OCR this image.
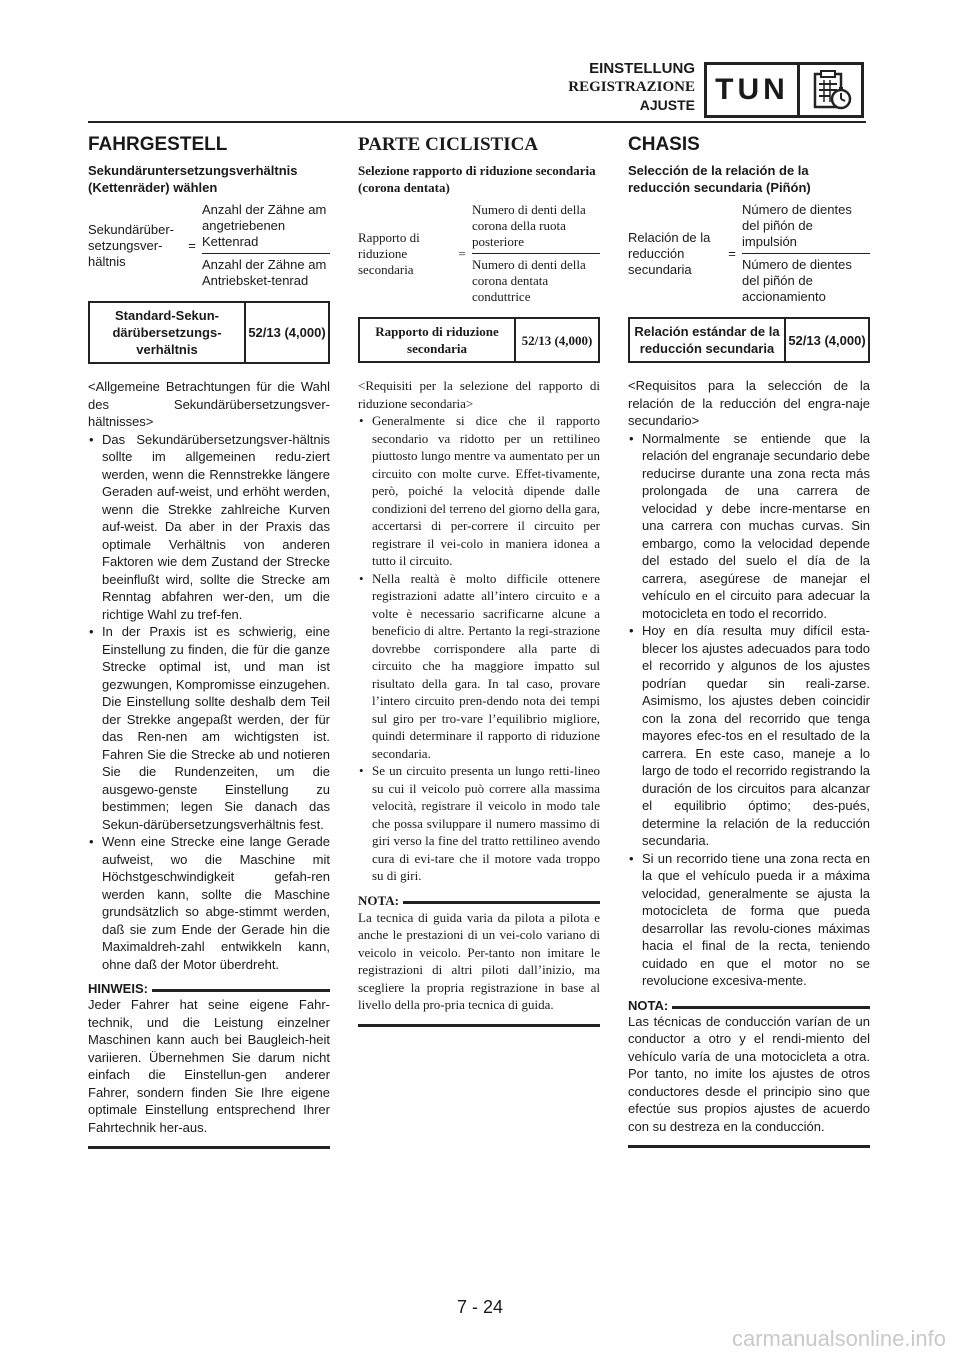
EINSTELLUNG
REGISTRAZIONE
AJUSTE TUN
FAHRGESTELL
Sekundäruntersetzungsverhältnis (Kettenräder) wählen
Sekundärüber-setzungsver-hältnis
= $\frac{\text{Anzahl der Zähne am angetriebenen Kettenrad}}{\text{Anzahl der Zähne am Antriebsket-tenrad}}$
Standard-Sekun-därübersetzungs-verhältnis
52/13 (4,000)
<Allgemeine Betrachtungen für die Wahl des Sekundärübersetzungsver-hältnisses>
• Das Sekundärübersetzungsver-hältnis sollte im allgemeinen redu-ziert werden, wenn die Rennstrekke längere Geraden auf-weist, und erhöht werden, wenn die Strekke zahlreiche Kurven auf-weist. Da aber in der Praxis das optimale Verhältnis von anderen Faktoren wie dem Zustand der Strecke beeinflußt wird, sollte die Strecke am Renntag abfahren wer-den, um die richtige Wahl zu tref-fen.
• In der Praxis ist es schwierig, eine Einstellung zu finden, die für die ganze Strecke optimal ist, und man ist gezwungen, Kompromisse einzugehen. Die Einstellung sollte deshalb dem Teil der Strekke angepaßt werden, der für das Ren-nen am wichtigsten ist. Fahren Sie die Strecke ab und notieren Sie die Rundenzeiten, um die ausgewo-genste Einstellung zu bestimmen; legen Sie danach das Sekun-därübersetzungsverhältnis fest.
• Wenn eine Strecke eine lange Gerade aufweist, wo die Maschine mit Höchstgeschwindigkeit gefah-ren werden kann, sollte die Maschine grundsätzlich so abge-stimmt werden, daß sie zum Ende der Gerade hin die Maximaldreh-zahl entwikkeln kann, ohne daß der Motor überdreht.
HINWEIS:
Jeder Fahrer hat seine eigene Fahr-technik, und die Leistung einzelner Maschinen kann auch bei Baugleich-heit variieren. Übernehmen Sie darum nicht einfach die Einstellun-gen anderer Fahrer, sondern finden Sie Ihre eigene optimale Einstellung entsprechend Ihrer Fahrtechnik her-aus.
PARTE CICLISTICA
Selezione rapporto di riduzione secondaria (corona dentata)
Rapporto di riduzione secondaria
= $\frac{\text{Numero di denti della corona della ruota posteriore}}{\text{Numero di denti della corona dentata conduttrice}}$
Rapporto di riduzione secondaria
52/13 (4,000)
<Requisiti per la selezione del rapporto di riduzione secondaria>
• Generalmente si dice che il rapporto secondario va ridotto per un rettilineo piuttosto lungo mentre va aumentato per un circuito con molte curve. Effet-tivamente, però, poiché la velocità dipende dalle condizioni del terreno del giorno della gara, accertarsi di per-correre il circuito per registrare il vei-colo in maniera idonea a tutto il circuito.
• Nella realtà è molto difficile ottenere registrazioni adatte all’intero circuito e a volte è necessario sacrificarne alcune a beneficio di altre. Pertanto la regi-strazione dovrebbe corrispondere alla parte di circuito che ha maggiore impatto sul risultato della gara. In tal caso, provare l’intero circuito pren-dendo nota dei tempi sul giro per tro-vare l’equilibrio migliore, quindi determinare il rapporto di riduzione secondaria.
• Se un circuito presenta un lungo retti-lineo su cui il veicolo può correre alla massima velocità, registrare il veicolo in modo tale che possa sviluppare il numero massimo di giri verso la fine del tratto rettilineo avendo cura di evi-tare che il motore vada troppo su di giri.
NOTA:
La tecnica di guida varia da pilota a pilota e anche le prestazioni di un vei-colo variano di veicolo in veicolo. Per-tanto non imitare le registrazioni di altri piloti dall’inizio, ma scegliere la propria registrazione in base al livello della pro-pria tecnica di guida.
CHASIS
Selección de la relación de la reducción secundaria (Piñón)
Relación de la reducción secundaria
= $\frac{\text{Número de dientes del piñón de impulsión}}{\text{Número de dientes del piñón de accionamiento}}$
Relación estándar de la reducción secundaria
52/13 (4,000)
<Requisitos para la selección de la relación de la reducción del engra-naje secundario>
• Normalmente se entiende que la relación del engranaje secundario debe reducirse durante una zona recta más prolongada de una carrera de velocidad y debe incre-mentarse en una carrera con muchas curvas. Sin embargo, como la velocidad depende del estado del suelo el día de la carrera, asegúrese de manejar el vehículo en el circuito para adecuar la motocicleta en todo el recorrido.
• Hoy en día resulta muy difícil esta-blecer los ajustes adecuados para todo el recorrido y algunos de los ajustes podrían quedar sin reali-zarse. Asimismo, los ajustes deben coincidir con la zona del recorrido que tenga mayores efec-tos en el resultado de la carrera. En este caso, maneje a lo largo de todo el recorrido registrando la duración de los circuitos para alcanzar el equilibrio óptimo; des-pués, determine la relación de la reducción secundaria.
• Si un recorrido tiene una zona recta en la que el vehículo pueda ir a máxima velocidad, generalmente se ajusta la motocicleta de forma que pueda desarrollar las revolu-ciones máximas hacia el final de la recta, teniendo cuidado en que el motor no se revolucione excesiva-mente.
NOTA:
Las técnicas de conducción varían de un conductor a otro y el rendi-miento del vehículo varía de una motocicleta a otra. Por tanto, no imite los ajustes de otros conductores desde el principio sino que efectúe sus propios ajustes de acuerdo con su destreza en la conducción.
7 - 24
carmanualsonline.info
